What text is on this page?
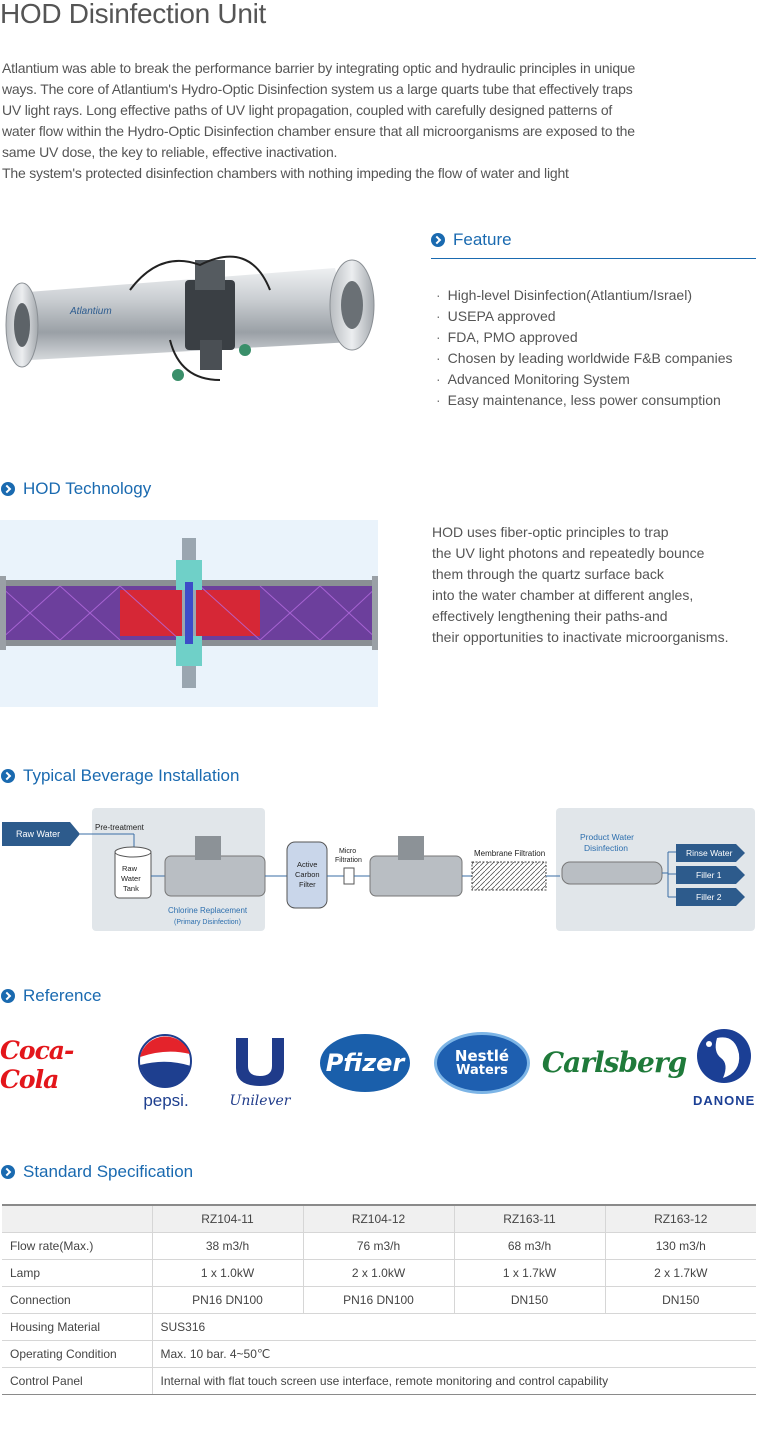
HOD Disinfection Unit

Atlantium was able to break the performance barrier by integrating optic and hydraulic principles in unique

ways. The core of Atlantium's Hydro-Optic Disinfection system us a large quarts tube that effectively traps

UV light rays. Long effective paths of UV light propagation, coupled with carefully designed patterns of

water flow within the Hydro-Optic Disinfection chamber ensure that all microorganisms are exposed to the

same UV dose, the key to reliable, effective inactivation.

The system's protected disinfection chambers with nothing impeding the flow of water and light

Atlantium
Feature
· High-level Disinfection(Atlantium/Israel)
· USEPA approved
· FDA, PMO approved
· Chosen by leading worldwide F&B companies
· Advanced Monitoring System
· Easy maintenance, less power consumption
HOD Technology
HOD uses fiber-optic principles to trap
the UV light photons and repeatedly bounce
them through the quartz surface back
into the water chamber at different angles,
effectively lengthening their paths-and
their opportunities to inactivate microorganisms.
Typical Beverage Installation
Raw Water
Pre-treatment
Raw
Water
Tank
Chlorine Replacement
(Primary Disinfection)
Active
Carbon
Filter
Micro
Filtration
Membrane Filtration
Product Water
Disinfection	Rinse Water
Filler 1
Filler 2
Reference
Coca-Cola
pepsi.	Unilever
Pfizer	Nestlé
Waters Carlsberg
DANONE
Standard Specification
	RZ104-11	RZ104-12	RZ163-11	RZ163-12
Flow rate(Max.)	38 m3/h	76 m3/h	68 m3/h	130 m3/h
Lamp	1 x 1.0kW	2 x 1.0kW	1 x 1.7kW	2 x 1.7kW
Connection	PN16 DN100	PN16 DN100	DN150	DN150
Housing Material	SUS316			
Operating Condition	Max. 10 bar. 4~50℃			
Control Panel	Internal with flat touch screen use interface, remote monitoring and control capability			
